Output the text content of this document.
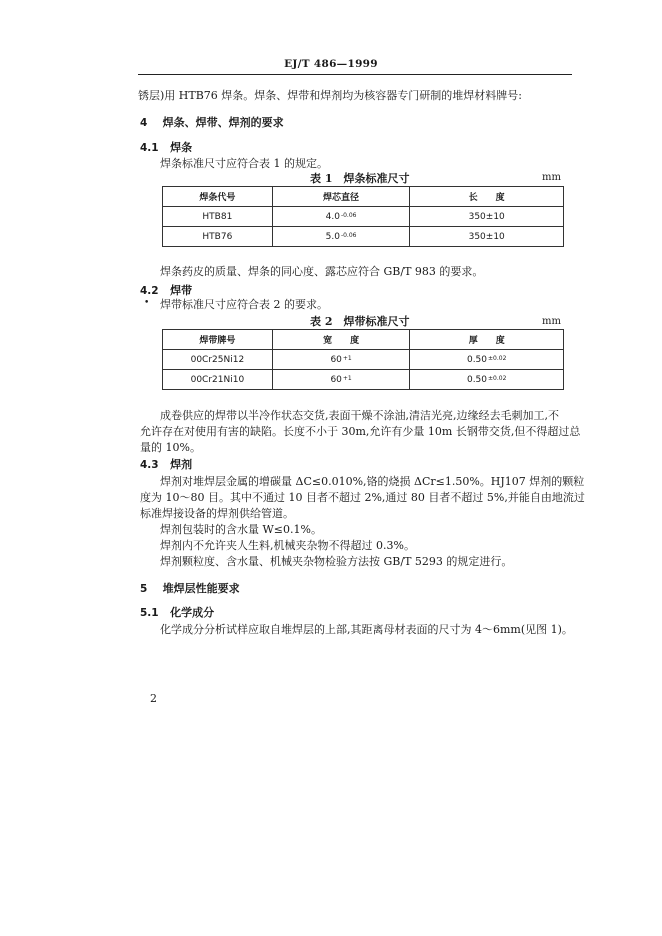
EJ/T 486—1999
锈层)用 HTB76 焊条。焊条、焊带和焊剂均为核容器专门研制的堆焊材料牌号:
4 焊条、焊带、焊剂的要求
4.1 焊条
焊条标准尺寸应符合表 1 的规定。
表 1　焊条标准尺寸	mm
焊条代号	焊芯直径	长　　度
HTB81	$4.0^{-0.06}$	350±10
HTB76	$5.0^{-0.06}$	350±10
焊条药皮的质量、焊条的同心度、露芯应符合 GB/T 983 的要求。
4.2 焊带
• 焊带标准尺寸应符合表 2 的要求。
表 2　焊带标准尺寸	mm
焊带牌号	宽　　度	厚　　度
00Cr25Ni12	$60^{+1}$	$0.50^{\pm 0.02}$
00Cr21Ni10	$60^{+1}$	$0.50^{\pm 0.02}$
成卷供应的焊带以半冷作状态交货,表面干燥不涂油,清洁光亮,边缘经去毛刺加工,不
允许存在对使用有害的缺陷。长度不小于 30m,允许有少量 10m 长钢带交货,但不得超过总
量的 10%。
4.3 焊剂
焊剂对堆焊层金属的增碳量 ΔC≤0.010%,铬的烧损 ΔCr≤1.50%。HJ107 焊剂的颗粒
度为 10～80 目。其中不通过 10 目者不超过 2%,通过 80 目者不超过 5%,并能自由地流过
标准焊接设备的焊剂供给管道。
焊剂包装时的含水量 W≤0.1%。
焊剂内不允许夹人生料,机械夹杂物不得超过 0.3%。
焊剂颗粒度、含水量、机械夹杂物检验方法按 GB/T 5293 的规定进行。
5 堆焊层性能要求
5.1 化学成分
化学成分分析试样应取自堆焊层的上部,其距离母材表面的尺寸为 4～6mm(见图 1)。
2
